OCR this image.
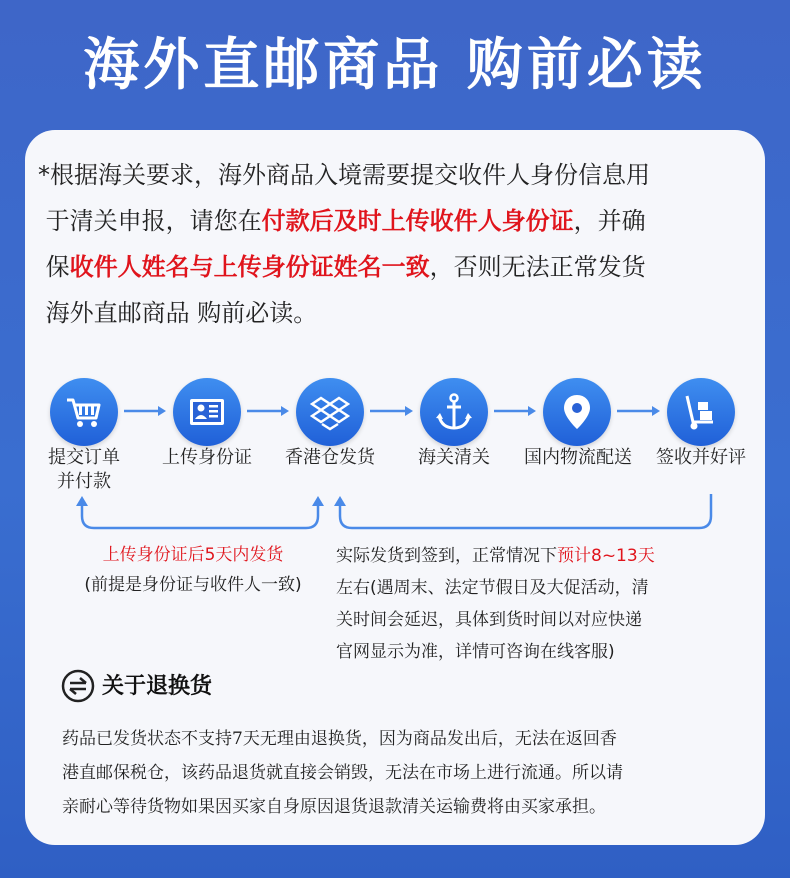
海外直邮商品 购前必读

*根据海关要求，海外商品入境需要提交收件人身份信息用

于清关申报，请您在付款后及时上传收件人身份证，并确

保收件人姓名与上传身份证姓名一致，否则无法正常发货

海外直邮商品 购前必读。

提交订单
并付款
上传身份证	香港仓发货	海关清关	国内物流配送	签收并好评
上传身份证后5天内发货
(前提是身份证与收件人一致)
实际发货到签到，正常情况下预计8~13天
左右(遇周末、法定节假日及大促活动，清
关时间会延迟，具体到货时间以对应快递
官网显示为准，详情可咨询在线客服)
关于退换货

药品已发货状态不支持7天无理由退换货，因为商品发出后，无法在返回香

港直邮保税仓，该药品退货就直接会销毁，无法在市场上进行流通。所以请

亲耐心等待货物如果因买家自身原因退货退款清关运输费将由买家承担。
